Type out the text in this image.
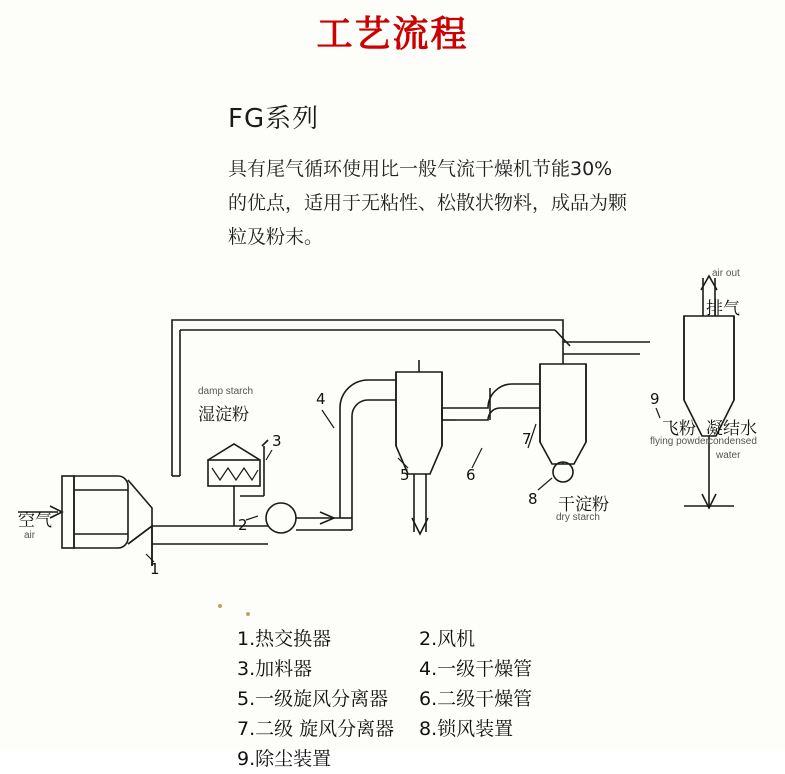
工艺流程
FG系列
具有尾气循环使用比一般气流干燥机节能30%的优点，适用于无粘性、松散状物料，成品为颗粒及粉末。
空气
air
damp starch
湿淀粉
air out
排气
飞粉
flying powder
凝结水
condensed
water
干淀粉
dry starch
1
2
3
4
5	6
7
8
9
1.热交换器	2.风机
3.加料器	4.一级干燥管
5.一级旋风分离器	6.二级干燥管
7.二级 旋风分离器	8.锁风装置
9.除尘装置
